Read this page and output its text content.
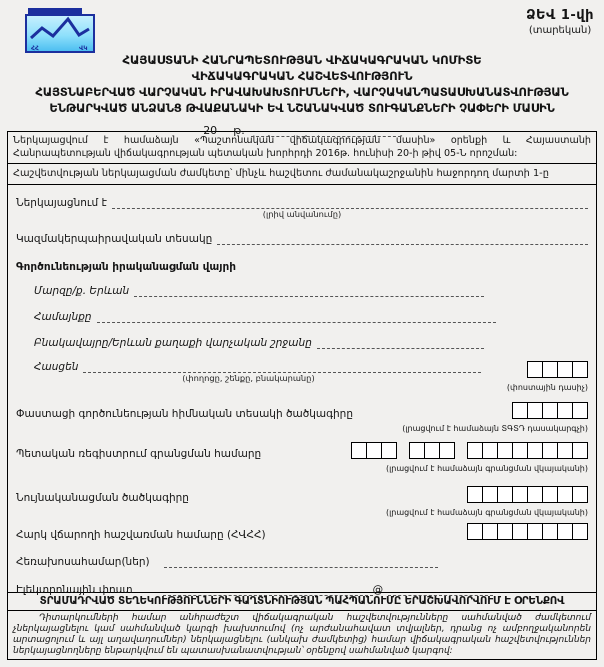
ՀՀ	ՎԿ
ՁԵՎ 1-վի
(տարեկան)
ՀԱՅԱՍՏԱՆԻ ՀԱՆՐԱՊԵՏՈՒԹՅԱՆ ՎԻՃԱԿԱԳՐԱԿԱՆ ԿՈՄԻՏԵ
ՎԻՃԱԿԱԳՐԱԿԱՆ ՀԱՇՎԵՏՎՈՒԹՅՈՒՆ
ՀԱՅՏՆԱԲԵՐՎԱԾ ՎԱՐՉԱԿԱՆ ԻՐԱՎԱԽԱԽՏՈՒՄՆԵՐԻ, ՎԱՐՉԱԿԱՆՊԱՏԱՍԽԱՆԱՏՎՈՒԹՅԱՆ
ԵՆԹԱՐԿՎԱԾ ԱՆՁԱՆՑ ԹՎԱՔԱՆԱԿԻ ԵՎ ՆՇԱՆԱԿՎԱԾ ՏՈՒԳԱՆՔՆԵՐԻ ՉԱՓԵՐԻ ՄԱՍԻՆ
20 թ.
Ներկայացվում է համաձայն «Պաշտոնական վիճակագրության մասին» օրենքի և Հայաստանի Հանրապետության վիճակագրության պետական խորհրդի 2016թ. հունիսի 20-ի թիվ 05-Ն որոշման:
Հաշվետվության ներկայացման ժամկետը՝ մինչև հաշվետու ժամանակաշրջանին հաջորդող մարտի 1-ը
Ներկայացնում է
(լրիվ անվանումը)
Կազմակերպաիրավական տեսակը
Գործունեության իրականացման վայրի
Մարզը/ք. Երևան
Համայնքը
Բնակավայրը/Երևան քաղաքի վարչական շրջանը
Հասցեն
(փողոցը, շենքը, բնակարանը)
(փոստային դասիչ)
Փաստացի գործունեության հիմնական տեսակի ծածկագիրը
(լրացվում է համաձայն ՏԳՏԴ դասակարգչի)
Պետական ռեգիստրում գրանցման համարը
(լրացվում է համաձայն գրանցման վկայականի)
Նույնականացման ծածկագիրը
(լրացվում է համաձայն գրանցման վկայականի)
Հարկ վճարողի հաշվառման համարը (ՀՎՀՀ)
Հեռախոսահամար(ներ)
Էլեկտրոնային փոստ	@
ՏՐԱՄԱԴՐՎԱԾ ՏԵՂԵԿՈՒԹՅՈՒՆՆԵՐԻ ԳԱՂՏՆԻՈՒԹՅԱՆ ՊԱՀՊԱՆՈՒՄԸ ԵՐԱՇԽԱՎՈՐՎՈՒՄ Է ՕՐԵՆՔՈՎ
Դիտարկումների համար անհրաժեշտ վիճակագրական հաշվետվությունները սահմանված ժամկետում չներկայացնելու կամ սահմանված կարգի խախտումով (ոչ արժանահավատ տվյալներ, դրանց ոչ ամբողջականորեն արտացոլում և այլ աղավաղումներ) ներկայացնելու (անկախ ժամկետից) համար վիճակագրական հաշվետվություններ ներկայացնողները ենթարկվում են պատասխանատվության՝ օրենքով սահմանված կարգով:
